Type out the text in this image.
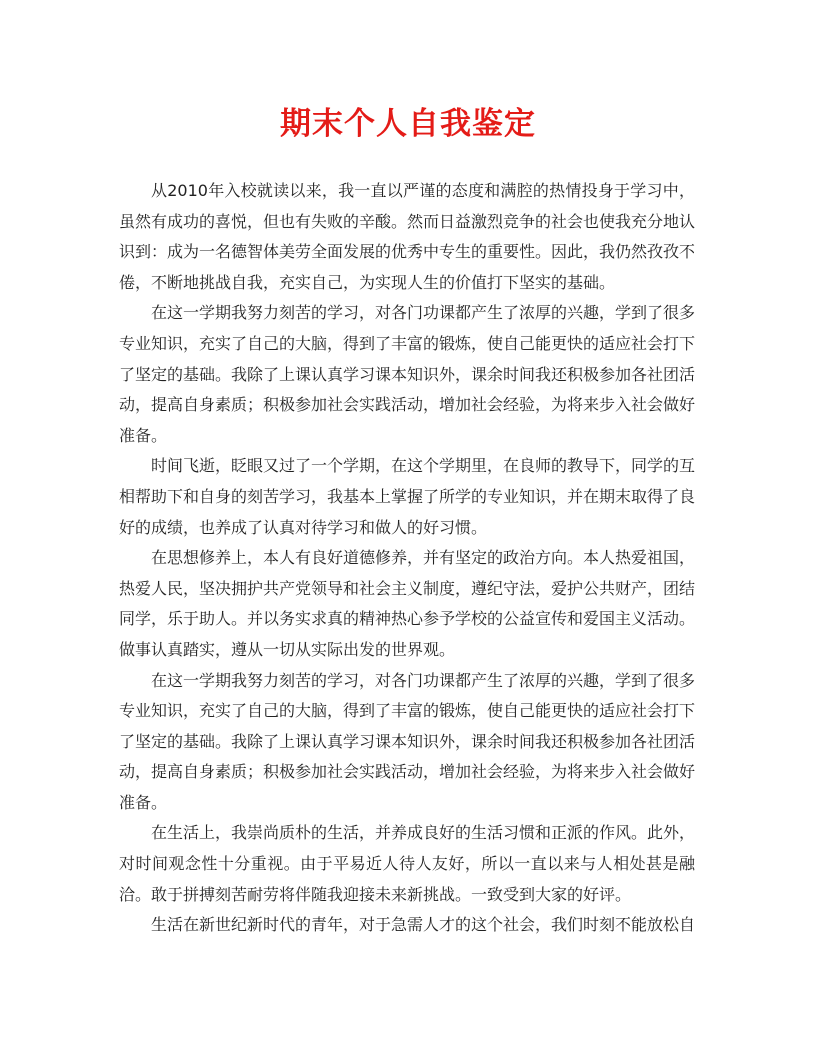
期末个人自我鉴定

从2010年入校就读以来，我一直以严谨的态度和满腔的热情投身于学习中，虽然有成功的喜悦，但也有失败的辛酸。然而日益激烈竞争的社会也使我充分地认识到：成为一名德智体美劳全面发展的优秀中专生的重要性。因此，我仍然孜孜不倦，不断地挑战自我，充实自己，为实现人生的价值打下坚实的基础。

在这一学期我努力刻苦的学习，对各门功课都产生了浓厚的兴趣，学到了很多专业知识，充实了自己的大脑，得到了丰富的锻炼，使自己能更快的适应社会打下了坚定的基础。我除了上课认真学习课本知识外，课余时间我还积极参加各社团活动，提高自身素质；积极参加社会实践活动，增加社会经验，为将来步入社会做好准备。

时间飞逝，眨眼又过了一个学期，在这个学期里，在良师的教导下，同学的互相帮助下和自身的刻苦学习，我基本上掌握了所学的专业知识，并在期末取得了良好的成绩，也养成了认真对待学习和做人的好习惯。

在思想修养上，本人有良好道德修养，并有坚定的政治方向。本人热爱祖国，热爱人民，坚决拥护共产党领导和社会主义制度，遵纪守法，爱护公共财产，团结同学，乐于助人。并以务实求真的精神热心参予学校的公益宣传和爱国主义活动。做事认真踏实，遵从一切从实际出发的世界观。

在这一学期我努力刻苦的学习，对各门功课都产生了浓厚的兴趣，学到了很多专业知识，充实了自己的大脑，得到了丰富的锻炼，使自己能更快的适应社会打下了坚定的基础。我除了上课认真学习课本知识外，课余时间我还积极参加各社团活动，提高自身素质；积极参加社会实践活动，增加社会经验，为将来步入社会做好准备。

在生活上，我崇尚质朴的生活，并养成良好的生活习惯和正派的作风。此外，对时间观念性十分重视。由于平易近人待人友好，所以一直以来与人相处甚是融洽。敢于拼搏刻苦耐劳将伴随我迎接未来新挑战。一致受到大家的好评。

生活在新世纪新时代的青年，对于急需人才的这个社会，我们时刻不能放松自
